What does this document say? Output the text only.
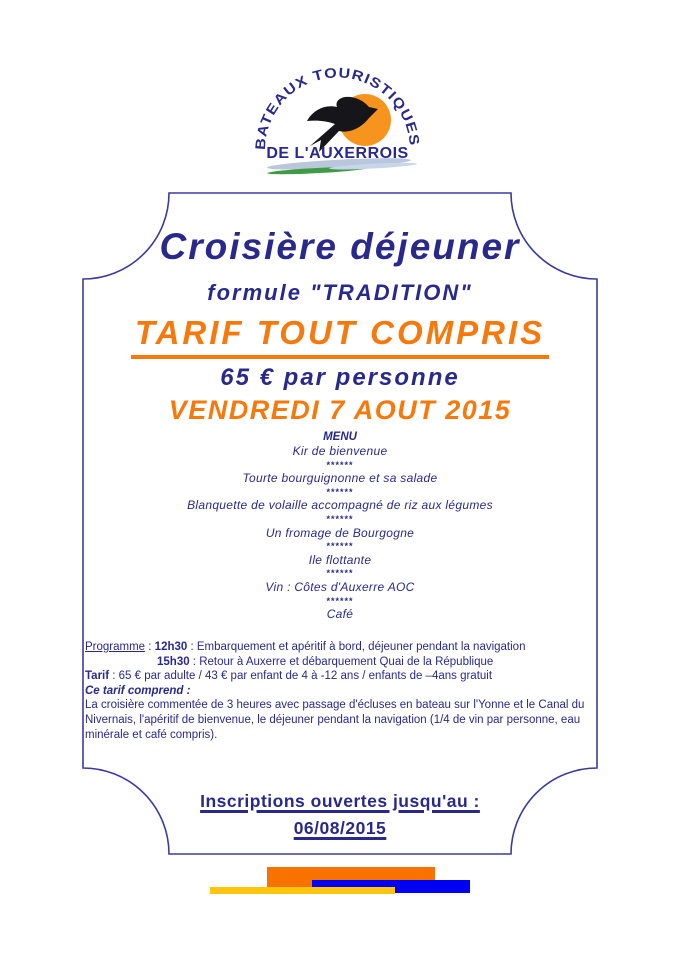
BATEAUX TOURISTIQUES
DE L'AUXERROIS
Croisière déjeuner
formule "TRADITION"
TARIF TOUT COMPRIS
65 € par personne
VENDREDI 7 AOUT 2015
MENU
Kir de bienvenue
******
Tourte bourguignonne et sa salade
******
Blanquette de volaille accompagné de riz aux légumes
******
Un fromage de Bourgogne
******
Ile flottante
******
Vin : Côtes d'Auxerre AOC
******
Café
Programme : 12h30 : Embarquement et apéritif à bord, déjeuner pendant la navigation
15h30 : Retour à Auxerre et débarquement Quai de la République
Tarif : 65 € par adulte / 43 € par enfant de 4 à -12 ans / enfants de –4ans gratuit
Ce tarif comprend :
La croisière commentée de 3 heures avec passage d'écluses en bateau sur l'Yonne et le Canal du Nivernais, l'apéritif de bienvenue, le déjeuner pendant la navigation (1/4 de vin par personne, eau minérale et café compris).
Inscriptions ouvertes jusqu'au :
06/08/2015
